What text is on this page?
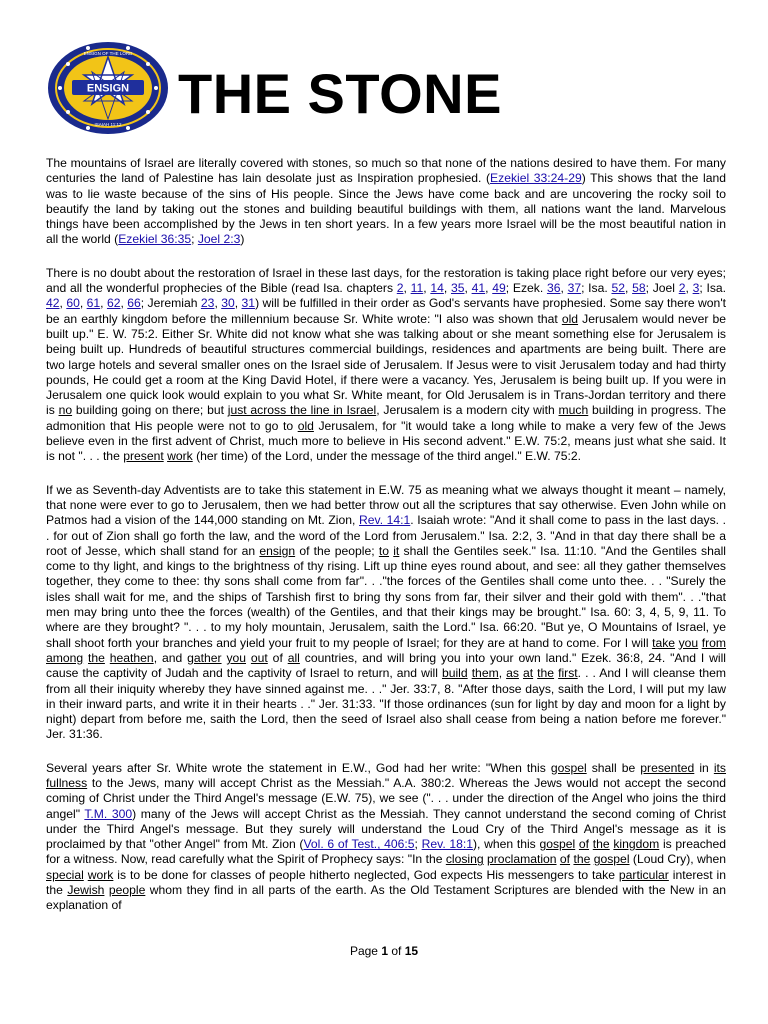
ENSIGN
ENSIGN OF THE LORD
ISAIAH 11:12 THE STONE

The mountains of Israel are literally covered with stones, so much so that none of the nations desired to have them. For many centuries the land of Palestine has lain desolate just as Inspiration prophesied. (Ezekiel 33:24-29) This shows that the land was to lie waste because of the sins of His people. Since the Jews have come back and are uncovering the rocky soil to beautify the land by taking out the stones and building beautiful buildings with them, all nations want the land. Marvelous things have been accomplished by the Jews in ten short years. In a few years more Israel will be the most beautiful nation in all the world (Ezekiel 36:35; Joel 2:3)

There is no doubt about the restoration of Israel in these last days, for the restoration is taking place right before our very eyes; and all the wonderful prophecies of the Bible (read Isa. chapters 2, 11, 14, 35, 41, 49; Ezek. 36, 37; Isa. 52, 58; Joel 2, 3; Isa. 42, 60, 61, 62, 66; Jeremiah 23, 30, 31) will be fulfilled in their order as God's servants have prophesied. Some say there won't be an earthly kingdom before the millennium because Sr. White wrote: "I also was shown that old Jerusalem would never be built up." E. W. 75:2. Either Sr. White did not know what she was talking about or she meant something else for Jerusalem is being built up. Hundreds of beautiful structures commercial buildings, residences and apartments are being built. There are two large hotels and several smaller ones on the Israel side of Jerusalem. If Jesus were to visit Jerusalem today and had thirty pounds, He could get a room at the King David Hotel, if there were a vacancy. Yes, Jerusalem is being built up. If you were in Jerusalem one quick look would explain to you what Sr. White meant, for Old Jerusalem is in Trans-Jordan territory and there is no building going on there; but just across the line in Israel, Jerusalem is a modern city with much building in progress. The admonition that His people were not to go to old Jerusalem, for "it would take a long while to make a very few of the Jews believe even in the first advent of Christ, much more to believe in His second advent." E.W. 75:2, means just what she said. It is not ". . . the present work (her time) of the Lord, under the message of the third angel." E.W. 75:2.

If we as Seventh-day Adventists are to take this statement in E.W. 75 as meaning what we always thought it meant – namely, that none were ever to go to Jerusalem, then we had better throw out all the scriptures that say otherwise. Even John while on Patmos had a vision of the 144,000 standing on Mt. Zion, Rev. 14:1. Isaiah wrote: "And it shall come to pass in the last days. . . for out of Zion shall go forth the law, and the word of the Lord from Jerusalem." Isa. 2:2, 3. "And in that day there shall be a root of Jesse, which shall stand for an ensign of the people; to it shall the Gentiles seek." Isa. 11:10. "And the Gentiles shall come to thy light, and kings to the brightness of thy rising. Lift up thine eyes round about, and see: all they gather themselves together, they come to thee: thy sons shall come from far". . ."the forces of the Gentiles shall come unto thee. . . "Surely the isles shall wait for me, and the ships of Tarshish first to bring thy sons from far, their silver and their gold with them". . ."that men may bring unto thee the forces (wealth) of the Gentiles, and that their kings may be brought." Isa. 60: 3, 4, 5, 9, 11. To where are they brought? ". . . to my holy mountain, Jerusalem, saith the Lord." Isa. 66:20. "But ye, O Mountains of Israel, ye shall shoot forth your branches and yield your fruit to my people of Israel; for they are at hand to come. For I will take you from among the heathen, and gather you out of all countries, and will bring you into your own land." Ezek. 36:8, 24. "And I will cause the captivity of Judah and the captivity of Israel to return, and will build them, as at the first. . . And I will cleanse them from all their iniquity whereby they have sinned against me. . ." Jer. 33:7, 8. "After those days, saith the Lord, I will put my law in their inward parts, and write it in their hearts . ." Jer. 31:33. "If those ordinances (sun for light by day and moon for a light by night) depart from before me, saith the Lord, then the seed of Israel also shall cease from being a nation before me forever." Jer. 31:36.

Several years after Sr. White wrote the statement in E.W., God had her write: "When this gospel shall be presented in its fullness to the Jews, many will accept Christ as the Messiah." A.A. 380:2. Whereas the Jews would not accept the second coming of Christ under the Third Angel's message (E.W. 75), we see (". . . under the direction of the Angel who joins the third angel" T.M. 300) many of the Jews will accept Christ as the Messiah. They cannot understand the second coming of Christ under the Third Angel's message. But they surely will understand the Loud Cry of the Third Angel's message as it is proclaimed by that "other Angel" from Mt. Zion (Vol. 6 of Test., 406:5; Rev. 18:1), when this gospel of the kingdom is preached for a witness. Now, read carefully what the Spirit of Prophecy says: "In the closing proclamation of the gospel (Loud Cry), when special work is to be done for classes of people hitherto neglected, God expects His messengers to take particular interest in the Jewish people whom they find in all parts of the earth. As the Old Testament Scriptures are blended with the New in an explanation of

Page 1 of 15
